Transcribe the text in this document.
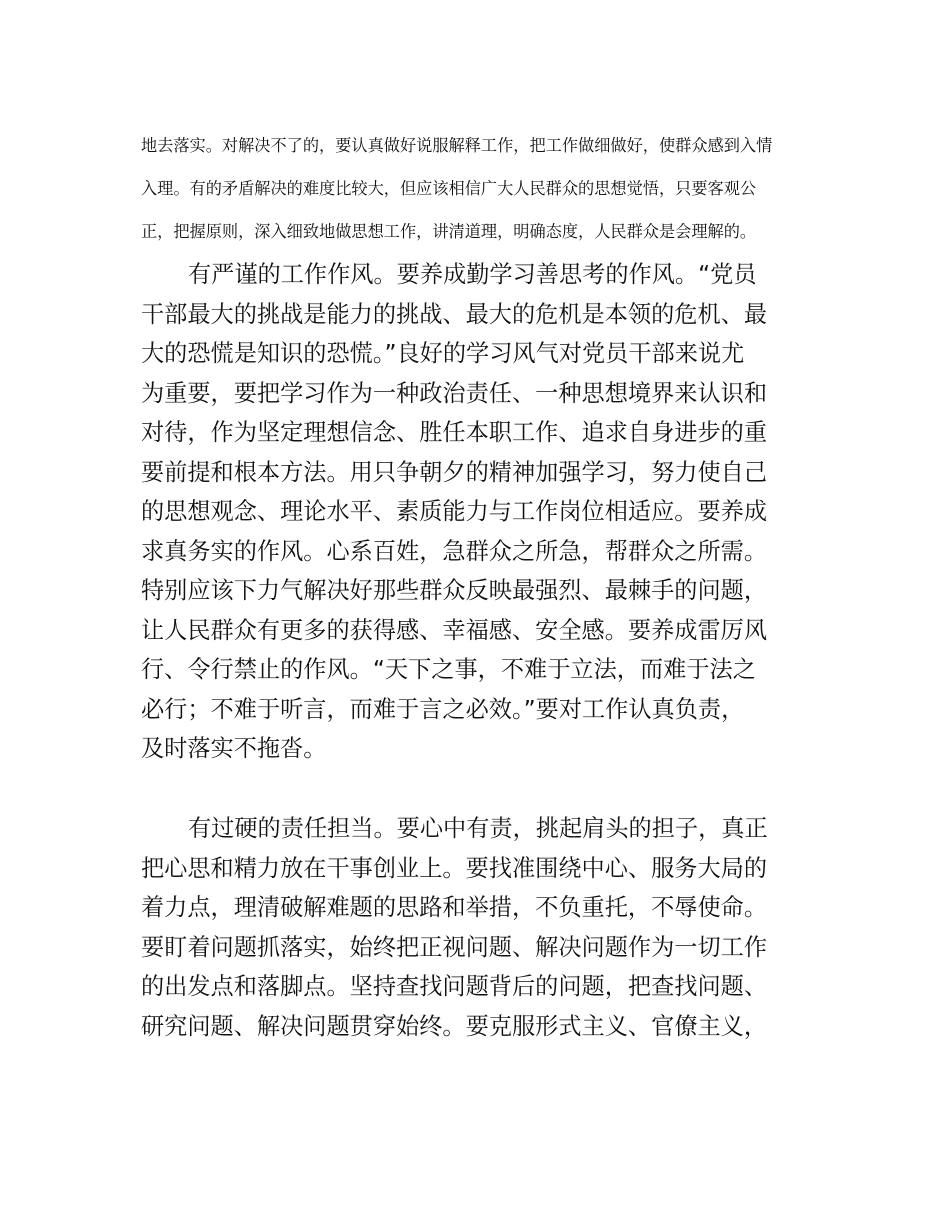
地去落实。对解决不了的，要认真做好说服解释工作，把工作做细做好，使群众感到入情
入理。有的矛盾解决的难度比较大，但应该相信广大人民群众的思想觉悟，只要客观公
正，把握原则，深入细致地做思想工作，讲清道理，明确态度，人民群众是会理解的。
有严谨的工作作风。要养成勤学习善思考的作风。“党员
干部最大的挑战是能力的挑战、最大的危机是本领的危机、最
大的恐慌是知识的恐慌。”良好的学习风气对党员干部来说尤
为重要，要把学习作为一种政治责任、一种思想境界来认识和
对待，作为坚定理想信念、胜任本职工作、追求自身进步的重
要前提和根本方法。用只争朝夕的精神加强学习，努力使自己
的思想观念、理论水平、素质能力与工作岗位相适应。要养成
求真务实的作风。心系百姓，急群众之所急，帮群众之所需。
特别应该下力气解决好那些群众反映最强烈、最棘手的问题，
让人民群众有更多的获得感、幸福感、安全感。要养成雷厉风
行、令行禁止的作风。“天下之事，不难于立法，而难于法之
必行；不难于听言，而难于言之必效。”要对工作认真负责，
及时落实不拖沓。
有过硬的责任担当。要心中有责，挑起肩头的担子，真正
把心思和精力放在干事创业上。要找准围绕中心、服务大局的
着力点，理清破解难题的思路和举措，不负重托，不辱使命。
要盯着问题抓落实，始终把正视问题、解决问题作为一切工作
的出发点和落脚点。坚持查找问题背后的问题，把查找问题、
研究问题、解决问题贯穿始终。要克服形式主义、官僚主义，
